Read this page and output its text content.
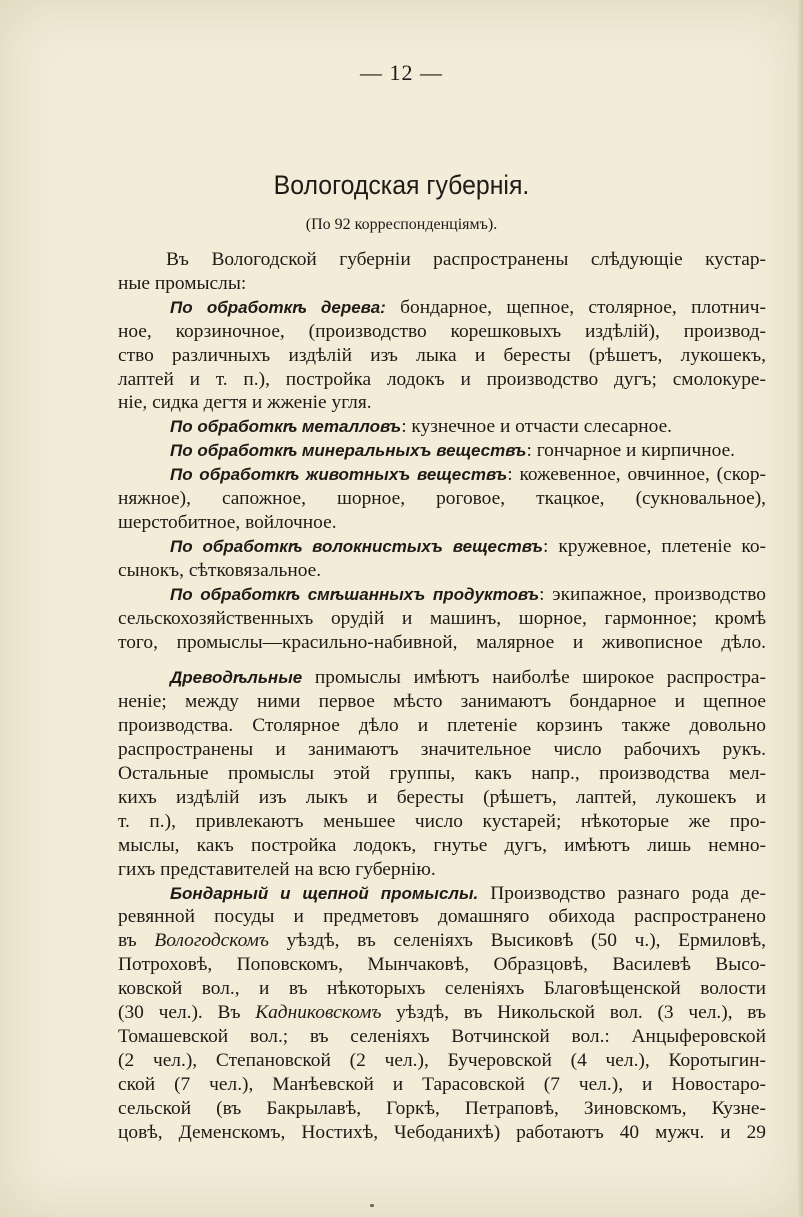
— 12 —
Вологодская губернія.
(По 92 корреспонденціямъ).
Въ Вологодской губерніи распространены слѣдующіе кустар-
ные промыслы:
По обработкѣ дерева: бондарное, щепное, столярное, плотнич-
ное, корзиночное, (производство корешковыхъ издѣлій), производ-
ство различныхъ издѣлій изъ лыка и бересты (рѣшетъ, лукошекъ,
лаптей и т. п.), постройка лодокъ и производство дугъ; смолокуре-
ніе, сидка дегтя и жженіе угля.
По обработкѣ металловъ: кузнечное и отчасти слесарное.
По обработкѣ минеральныхъ веществъ: гончарное и кирпичное.
По обработкѣ животныхъ веществъ: кожевенное, овчинное, (скор-
няжное), сапожное, шорное, роговое, ткацкое, (сукновальное),
шерстобитное, войлочное.
По обработкѣ волокнистыхъ веществъ: кружевное, плетеніе ко-
сынокъ, сѣтковязальное.
По обработкѣ смѣшанныхъ продуктовъ: экипажное, производство
сельскохозяйственныхъ орудій и машинъ, шорное, гармонное; кромѣ
того, промыслы—красильно-набивной, малярное и живописное дѣло.
Древодѣльные промыслы имѣютъ наиболѣе широкое распростра-
неніе; между ними первое мѣсто занимаютъ бондарное и щепное
производства. Столярное дѣло и плетеніе корзинъ также довольно
распространены и занимаютъ значительное число рабочихъ рукъ.
Остальные промыслы этой группы, какъ напр., производства мел-
кихъ издѣлій изъ лыкъ и бересты (рѣшетъ, лаптей, лукошекъ и
т. п.), привлекаютъ меньшее число кустарей; нѣкоторые же про-
мыслы, какъ постройка лодокъ, гнутье дугъ, имѣютъ лишь немно-
гихъ представителей на всю губернію.
Бондарный и щепной промыслы. Производство разнаго рода де-
ревянной посуды и предметовъ домашняго обихода распространено
въ Вологодскомъ уѣздѣ, въ селеніяхъ Высиковѣ (50 ч.), Ермиловѣ,
Потроховѣ, Поповскомъ, Мынчаковѣ, Образцовѣ, Василевѣ Высо-
ковской вол., и въ нѣкоторыхъ селеніяхъ Благовѣщенской волости
(30 чел.). Въ Кадниковскомъ уѣздѣ, въ Никольской вол. (3 чел.), въ
Томашевской вол.; въ селеніяхъ Вотчинской вол.: Анцыферовской
(2 чел.), Степановской (2 чел.), Бучеровской (4 чел.), Коротыгин-
ской (7 чел.), Манѣевской и Тарасовской (7 чел.), и Новостаро-
сельской (въ Бакрылавѣ, Горкѣ, Петраповѣ, Зиновскомъ, Кузне-
цовѣ, Деменскомъ, Ностихѣ, Чебоданихѣ) работаютъ 40 мужч. и 29
